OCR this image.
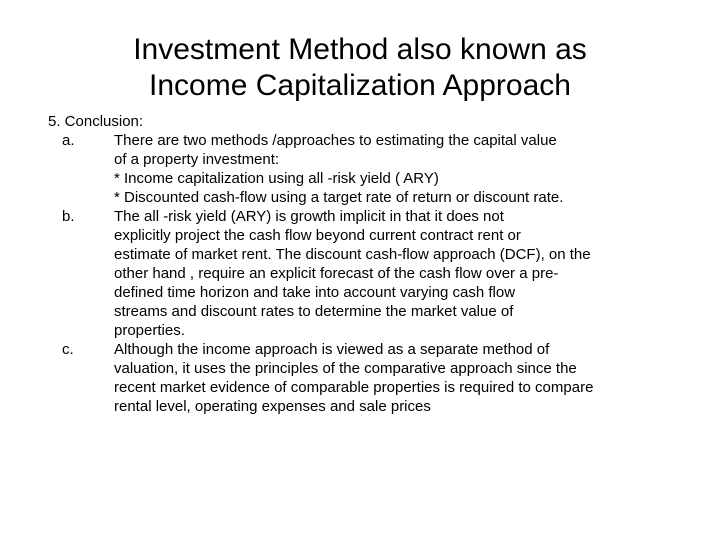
Investment Method also known as
Income Capitalization Approach

5. Conclusion:

a.	There are two methods /approaches to estimating the capital value
of a property investment:
* Income capitalization using all -risk yield ( ARY)
* Discounted cash-flow using a target rate of return or discount rate.
b.	The all -risk yield (ARY) is growth implicit in that it does not
explicitly project the cash flow beyond current contract rent or
estimate of market rent. The discount cash-flow approach (DCF), on the
other hand , require an explicit forecast of the cash flow over a pre-
defined time horizon and take into account varying cash flow
streams and discount rates to determine the market value of
properties.
c.	Although the income approach is viewed as a separate method of
valuation, it uses the principles of the comparative approach since the
recent market evidence of comparable properties is required to compare
rental level, operating expenses and sale prices
